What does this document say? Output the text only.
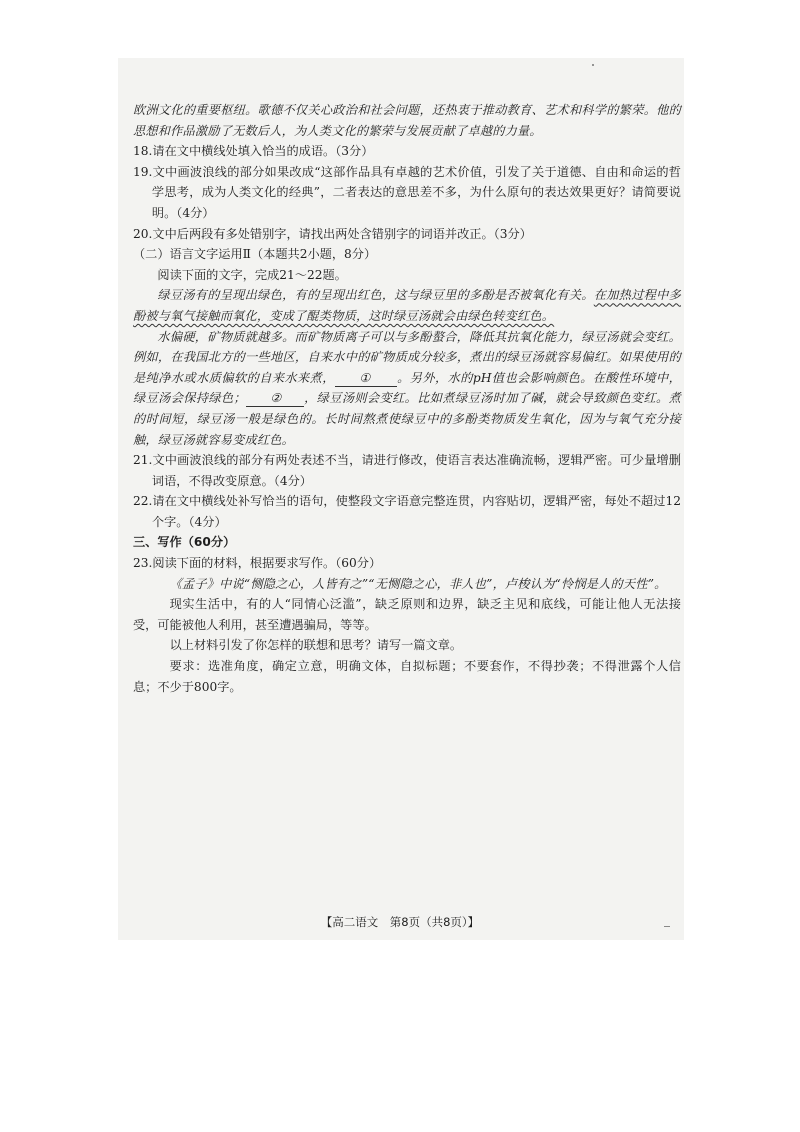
欧洲文化的重要枢纽。歌德不仅关心政治和社会问题，还热衷于推动教育、艺术和科学的繁荣。他的思想和作品激励了无数后人，为人类文化的繁荣与发展贡献了卓越的力量。

18.请在文中横线处填入恰当的成语。（3分）

19.文中画波浪线的部分如果改成“这部作品具有卓越的艺术价值，引发了关于道德、自由和命运的哲学思考，成为人类文化的经典”，二者表达的意思差不多，为什么原句的表达效果更好？请简要说明。（4分）

20.文中后两段有多处错别字，请找出两处含错别字的词语并改正。（3分）

（二）语言文字运用Ⅱ（本题共2小题，8分）

阅读下面的文字，完成21～22题。

绿豆汤有的呈现出绿色，有的呈现出红色，这与绿豆里的多酚是否被氧化有关。在加热过程中多酚被与氧气接触而氧化，变成了醌类物质，这时绿豆汤就会由绿色转变红色。

水偏硬，矿物质就越多。而矿物质离子可以与多酚螯合，降低其抗氧化能力，绿豆汤就会变红。例如，在我国北方的一些地区，自来水中的矿物质成分较多，煮出的绿豆汤就容易偏红。如果使用的是纯净水或水质偏软的自来水来煮， ① 。另外，水的pH值也会影响颜色。在酸性环境中，绿豆汤会保持绿色； ② ，绿豆汤则会变红。比如煮绿豆汤时加了碱，就会导致颜色变红。煮的时间短，绿豆汤一般是绿色的。长时间熬煮使绿豆中的多酚类物质发生氧化，因为与氧气充分接触，绿豆汤就容易变成红色。

21.文中画波浪线的部分有两处表述不当，请进行修改，使语言表达准确流畅，逻辑严密。可少量增删词语，不得改变原意。（4分）

22.请在文中横线处补写恰当的语句，使整段文字语意完整连贯，内容贴切，逻辑严密，每处不超过12个字。（4分）

三、写作（60分）

23.阅读下面的材料，根据要求写作。（60分）

《孟子》中说“恻隐之心，人皆有之”“无恻隐之心，非人也”，卢梭认为“怜悯是人的天性”。

现实生活中，有的人“同情心泛滥”，缺乏原则和边界，缺乏主见和底线，可能让他人无法接受，可能被他人利用，甚至遭遇骗局，等等。

以上材料引发了你怎样的联想和思考？请写一篇文章。

要求：选准角度，确定立意，明确文体，自拟标题；不要套作，不得抄袭；不得泄露个人信息；不少于800字。

【高二语文　第8页（共8页）】
